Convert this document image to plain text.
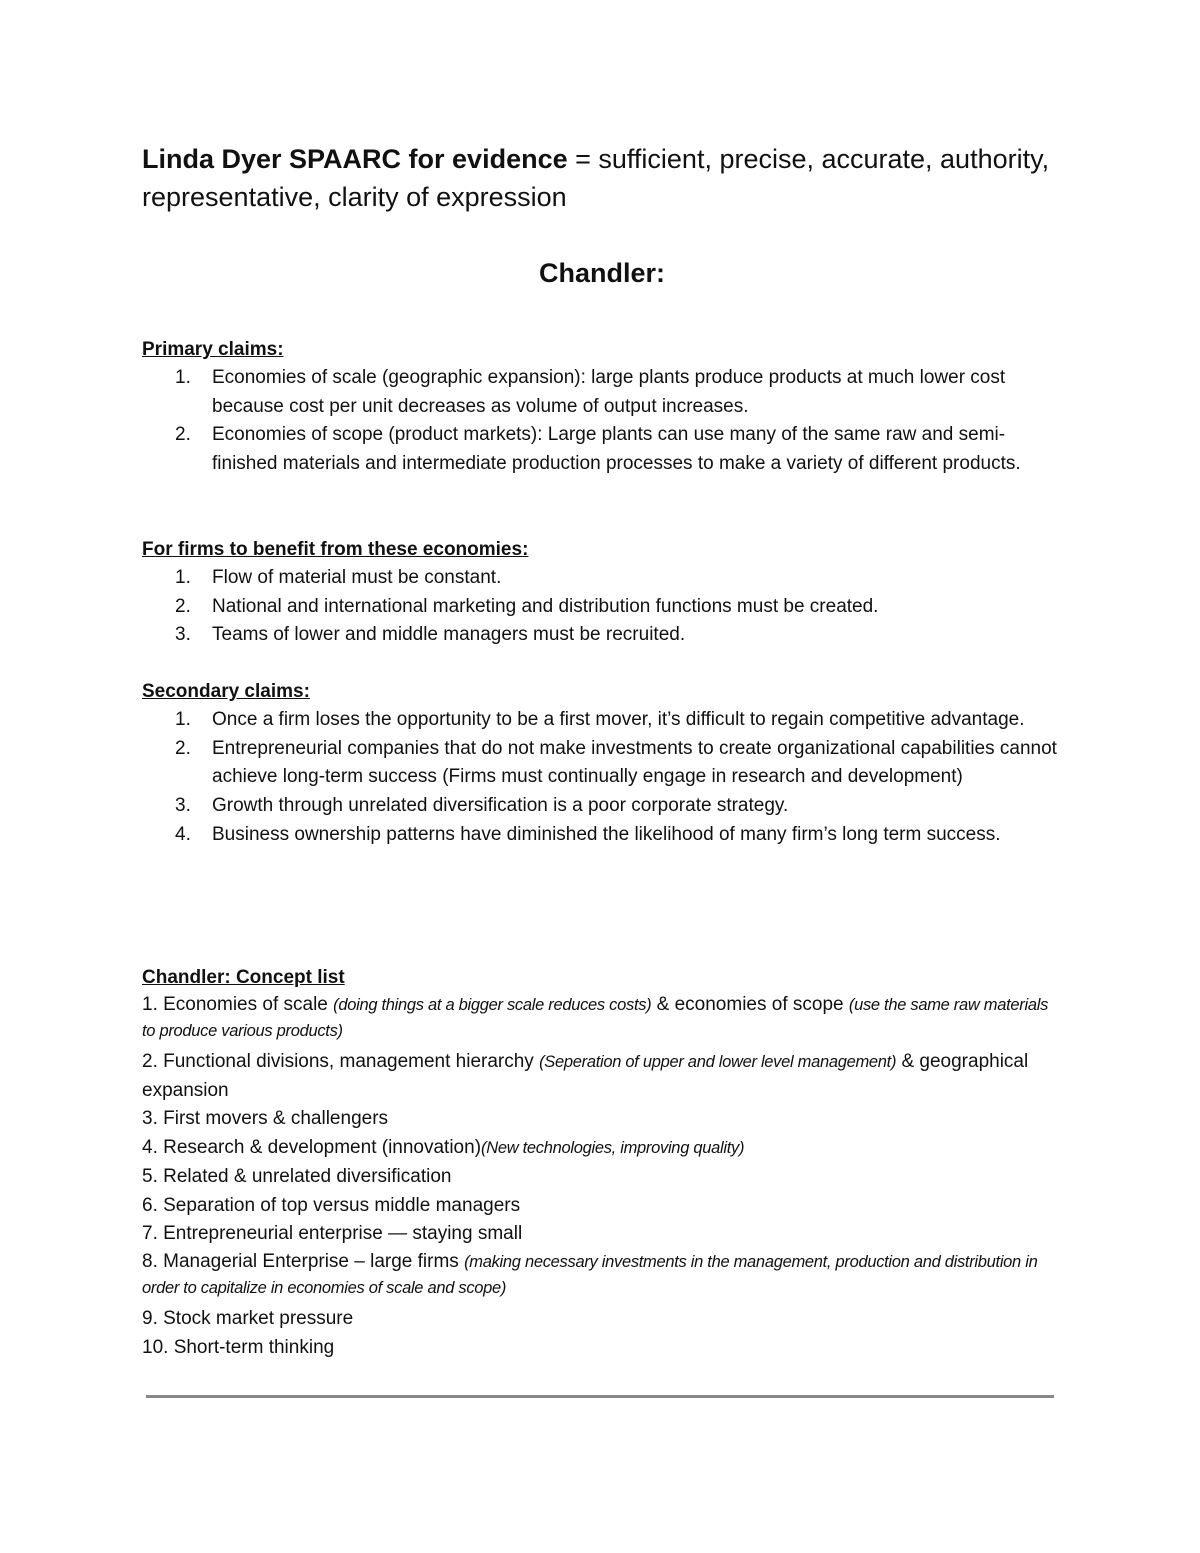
Linda Dyer SPAARC for evidence = sufficient, precise, accurate, authority, representative, clarity of expression
Chandler:

Primary claims:

1. Economies of scale (geographic expansion): large plants produce products at much lower cost because cost per unit decreases as volume of output increases.
2. Economies of scope (product markets): Large plants can use many of the same raw and semi-finished materials and intermediate production processes to make a variety of different products.

For firms to benefit from these economies:

1. Flow of material must be constant.
2. National and international marketing and distribution functions must be created.
3. Teams of lower and middle managers must be recruited.

Secondary claims:

1. Once a firm loses the opportunity to be a first mover, it’s difficult to regain competitive advantage.
2. Entrepreneurial companies that do not make investments to create organizational capabilities cannot achieve long-term success (Firms must continually engage in research and development)
3. Growth through unrelated diversification is a poor corporate strategy.
4. Business ownership patterns have diminished the likelihood of many firm’s long term success.

Chandler: Concept list

1. Economies of scale (doing things at a bigger scale reduces costs) & economies of scope (use the same raw materials to produce various products)
2. Functional divisions, management hierarchy (Seperation of upper and lower level management) & geographical expansion
3. First movers & challengers
4. Research & development (innovation)(New technologies, improving quality)
5. Related & unrelated diversification
6. Separation of top versus middle managers
7. Entrepreneurial enterprise — staying small
8. Managerial Enterprise – large firms (making necessary investments in the management, production and distribution in order to capitalize in economies of scale and scope)
9. Stock market pressure
10. Short-term thinking
